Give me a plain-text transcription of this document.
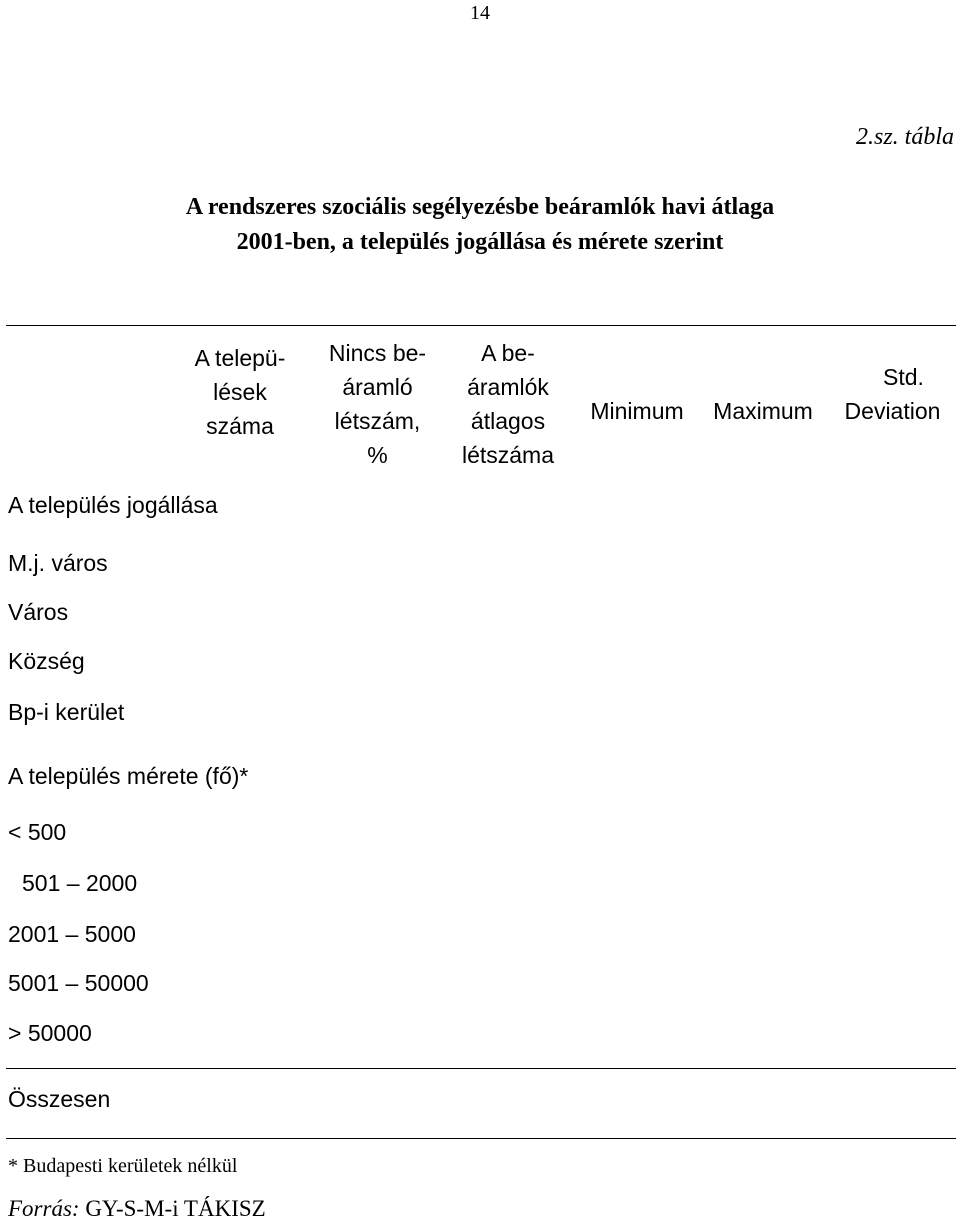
14
2.sz. tábla
A rendszeres szociális segélyezésbe beáramlók havi átlaga
2001-ben, a település jogállása és mérete szerint
A telepü-
lések
száma
Nincs be-
áramló
létszám,
%
A be-
áramlók
átlagos
létszáma
Minimum	Maximum
Std.
Deviation
A település jogállása
M.j. város
Város
Község
Bp-i kerület
A település mérete (fő)*
< 500
501 – 2000
2001 – 5000
5001 – 50000
> 50000
Összesen
* Budapesti kerületek nélkül
Forrás: GY-S-M-i TÁKISZ
